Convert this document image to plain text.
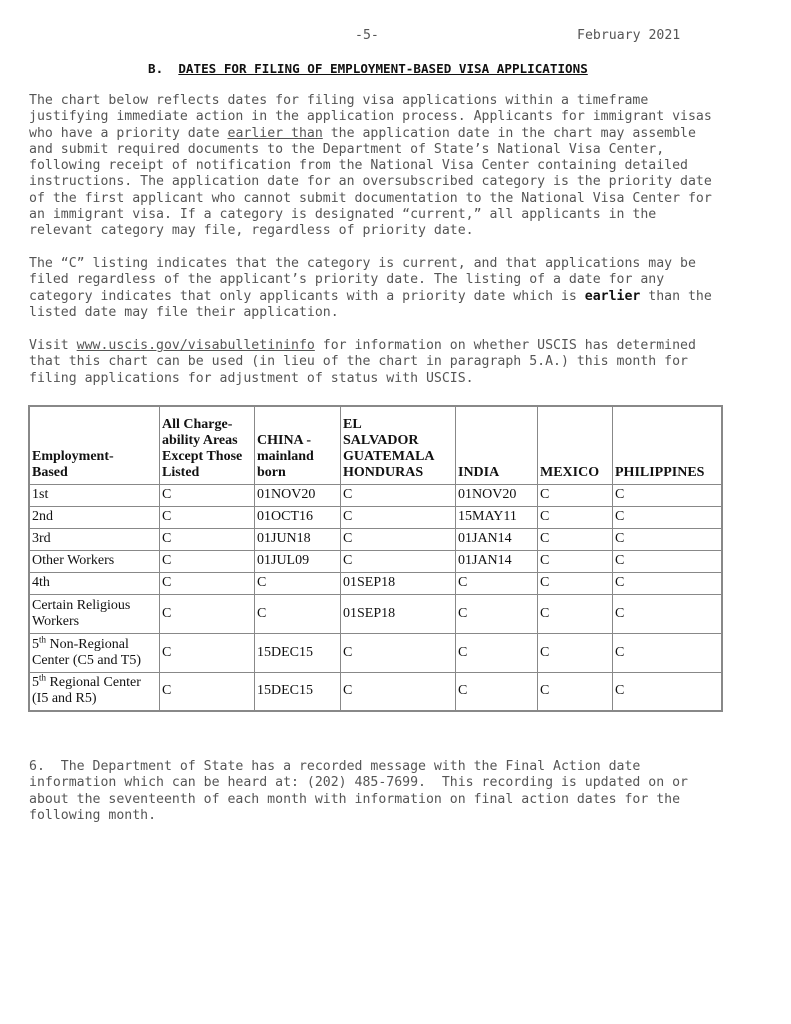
-5-	February 2021
B. DATES FOR FILING OF EMPLOYMENT-BASED VISA APPLICATIONS

The chart below reflects dates for filing visa applications within a timeframe
justifying immediate action in the application process. Applicants for immigrant visas
who have a priority date earlier than the application date in the chart may assemble
and submit required documents to the Department of State’s National Visa Center,
following receipt of notification from the National Visa Center containing detailed
instructions. The application date for an oversubscribed category is the priority date
of the first applicant who cannot submit documentation to the National Visa Center for
an immigrant visa. If a category is designated “current,” all applicants in the
relevant category may file, regardless of priority date.

The “C” listing indicates that the category is current, and that applications may be
filed regardless of the applicant’s priority date. The listing of a date for any
category indicates that only applicants with a priority date which is earlier than the
listed date may file their application.

Visit www.uscis.gov/visabulletininfo for information on whether USCIS has determined
that this chart can be used (in lieu of the chart in paragraph 5.A.) this month for
filing applications for adjustment of status with USCIS.

Employment-
Based	All Charge-
ability Areas
Except Those
Listed	CHINA -
mainland
born	EL
SALVADOR
GUATEMALA
HONDURAS	INDIA	MEXICO	PHILIPPINES
1st	C	01NOV20	C	01NOV20	C	C
2nd	C	01OCT16	C	15MAY11	C	C
3rd	C	01JUN18	C	01JAN14	C	C
Other Workers	C	01JUL09	C	01JAN14	C	C
4th	C	C	01SEP18	C	C	C
Certain Religious
Workers	C	C	01SEP18	C	C	C
5th Non-Regional
Center (C5 and T5)	C	15DEC15	C	C	C	C
5th Regional Center
(I5 and R5)	C	15DEC15	C	C	C	C

6.  The Department of State has a recorded message with the Final Action date
information which can be heard at: (202) 485-7699.  This recording is updated on or
about the seventeenth of each month with information on final action dates for the
following month.
